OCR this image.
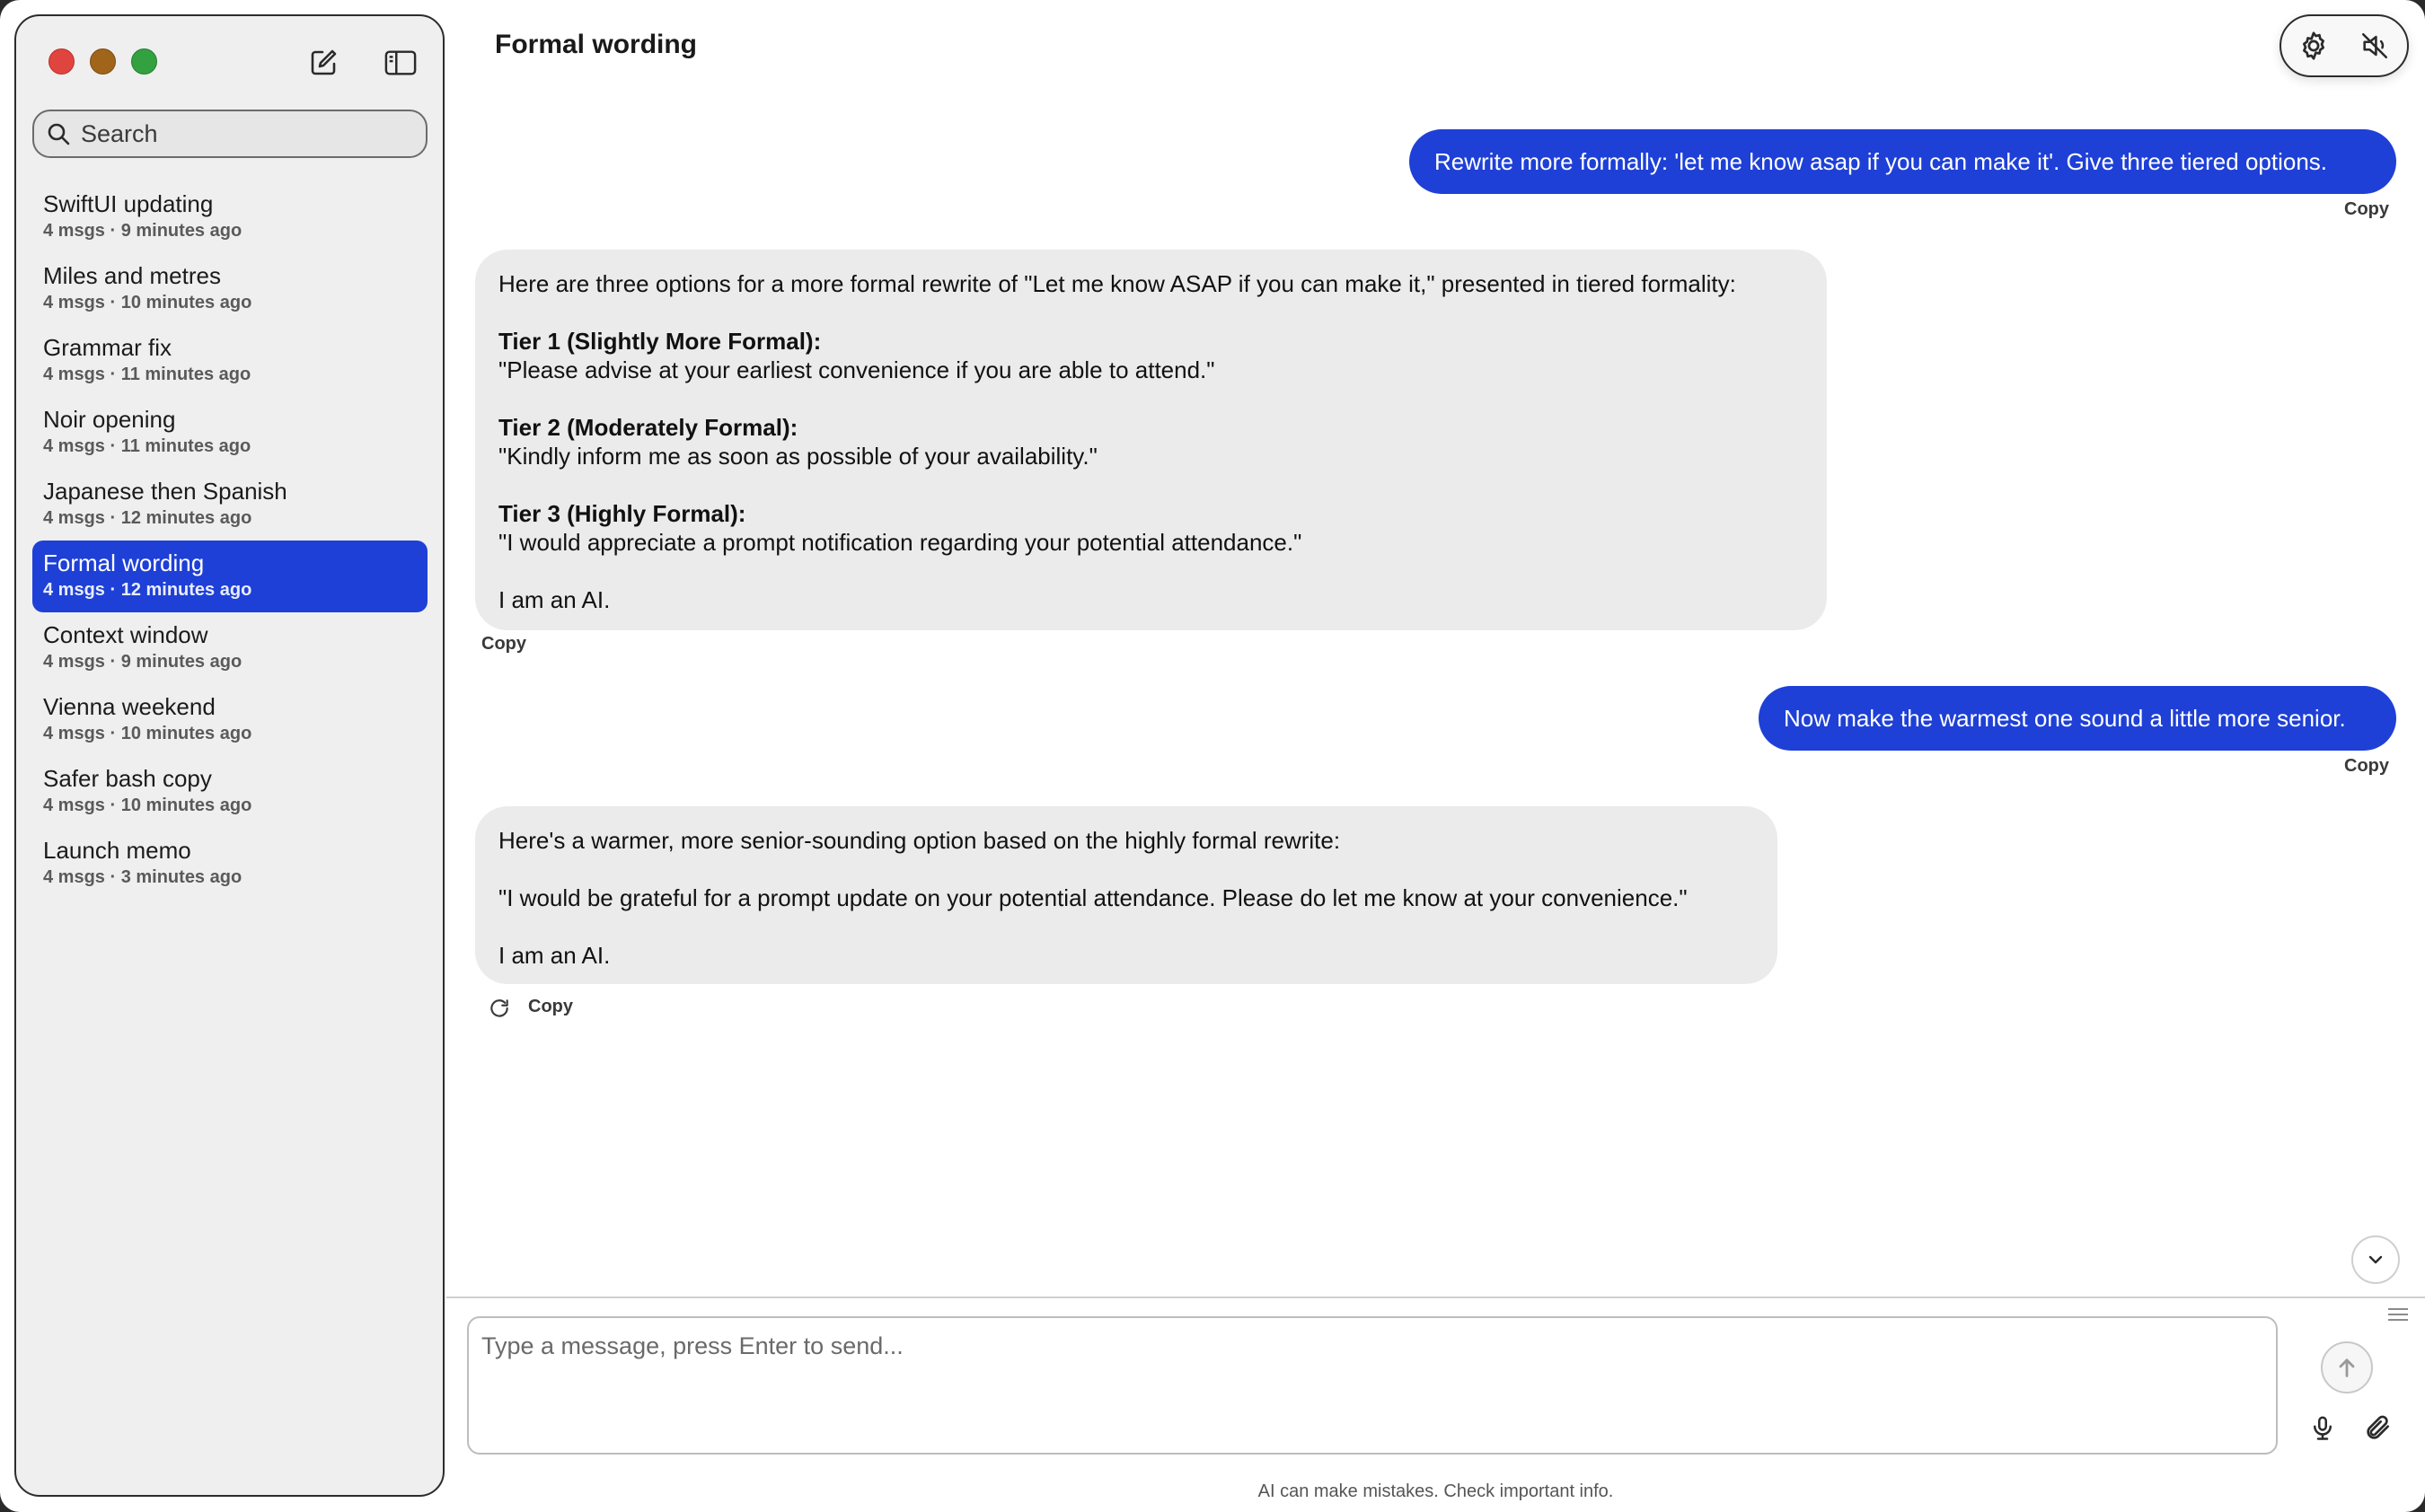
Search
SwiftUI updating
4 msgs · 9 minutes ago
Miles and metres
4 msgs · 10 minutes ago
Grammar fix
4 msgs · 11 minutes ago
Noir opening
4 msgs · 11 minutes ago
Japanese then Spanish
4 msgs · 12 minutes ago
Formal wording
4 msgs · 12 minutes ago
Context window
4 msgs · 9 minutes ago
Vienna weekend
4 msgs · 10 minutes ago
Safer bash copy
4 msgs · 10 minutes ago
Launch memo
4 msgs · 3 minutes ago
Formal wording
Rewrite more formally: 'let me know asap if you can make it'. Give three tiered options.
Copy

Here are three options for a more formal rewrite of "Let me know ASAP if you can make it," presented in tiered formality:

Tier 1 (Slightly More Formal):

"Please advise at your earliest convenience if you are able to attend."

Tier 2 (Moderately Formal):

"Kindly inform me as soon as possible of your availability."

Tier 3 (Highly Formal):

"I would appreciate a prompt notification regarding your potential attendance."

I am an AI.

Copy
Now make the warmest one sound a little more senior.
Copy

Here's a warmer, more senior-sounding option based on the highly formal rewrite:

"I would be grateful for a prompt update on your potential attendance. Please do let me know at your convenience."

I am an AI.

Copy
Type a message, press Enter to send...
AI can make mistakes. Check important info.
